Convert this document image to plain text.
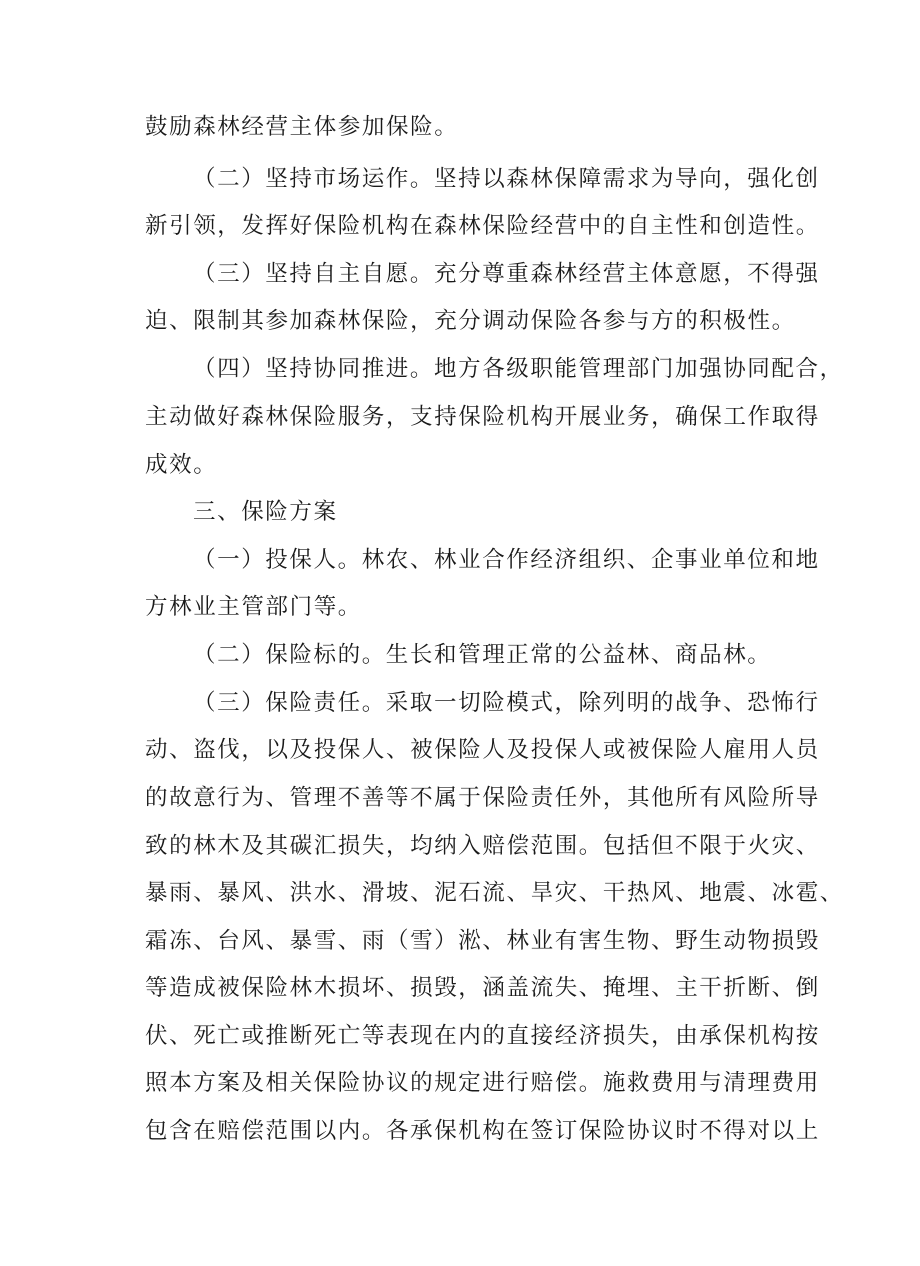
鼓励森林经营主体参加保险。
（二）坚持市场运作。坚持以森林保障需求为导向，强化创
新引领，发挥好保险机构在森林保险经营中的自主性和创造性。
（三）坚持自主自愿。充分尊重森林经营主体意愿，不得强
迫、限制其参加森林保险，充分调动保险各参与方的积极性。
（四）坚持协同推进。地方各级职能管理部门加强协同配合，
主动做好森林保险服务，支持保险机构开展业务，确保工作取得
成效。
三、保险方案
（一）投保人。林农、林业合作经济组织、企事业单位和地
方林业主管部门等。
（二）保险标的。生长和管理正常的公益林、商品林。
（三）保险责任。采取一切险模式，除列明的战争、恐怖行
动、盗伐，以及投保人、被保险人及投保人或被保险人雇用人员
的故意行为、管理不善等不属于保险责任外，其他所有风险所导
致的林木及其碳汇损失，均纳入赔偿范围。包括但不限于火灾、
暴雨、暴风、洪水、滑坡、泥石流、旱灾、干热风、地震、冰雹、
霜冻、台风、暴雪、雨（雪）淞、林业有害生物、野生动物损毁
等造成被保险林木损坏、损毁，涵盖流失、掩埋、主干折断、倒
伏、死亡或推断死亡等表现在内的直接经济损失，由承保机构按
照本方案及相关保险协议的规定进行赔偿。施救费用与清理费用
包含在赔偿范围以内。各承保机构在签订保险协议时不得对以上
